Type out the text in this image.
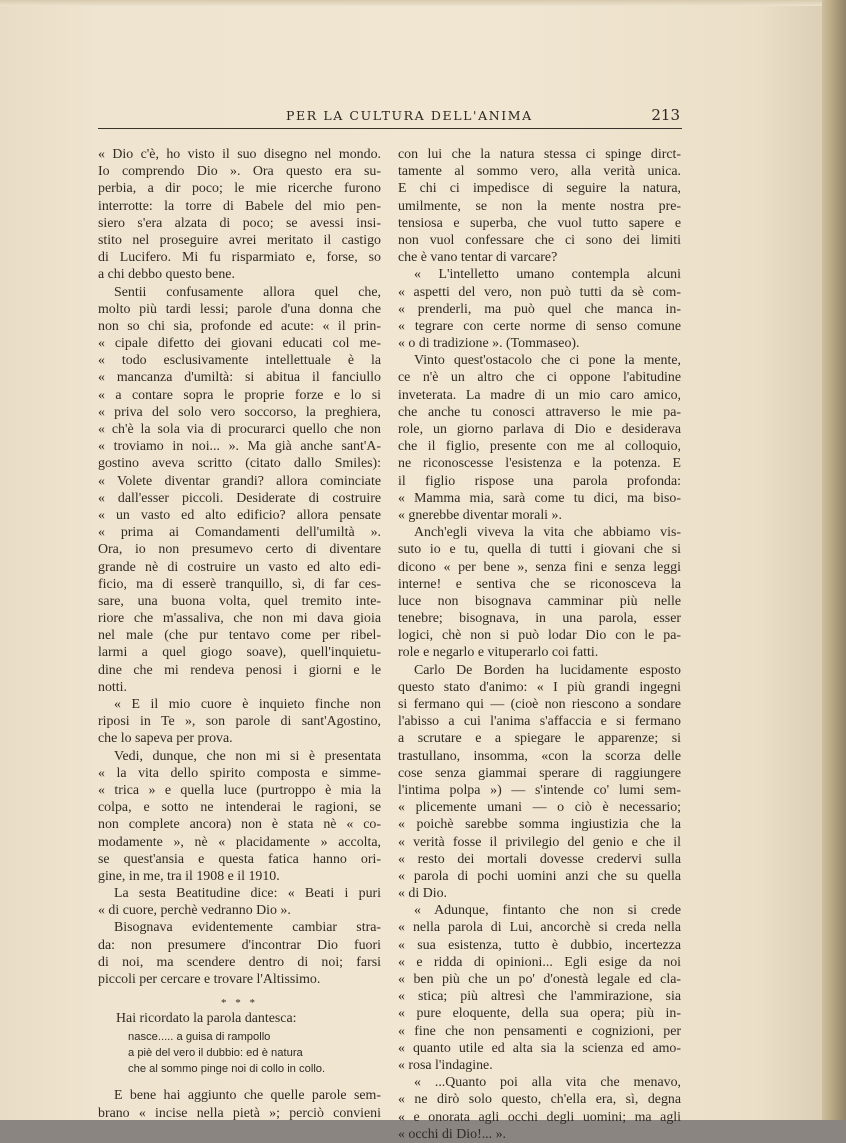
PER LA CULTURA DELL'ANIMA	213
« Dio c'è, ho visto il suo disegno nel mondo.
Io comprendo Dio ». Ora questo era su-
perbia, a dir poco; le mie ricerche furono
interrotte: la torre di Babele del mio pen-
siero s'era alzata di poco; se avessi insi-
stito nel proseguire avrei meritato il castigo
di Lucifero. Mi fu risparmiato e, forse, so
a chi debbo questo bene.
Sentii confusamente allora quel che,
molto più tardi lessi; parole d'una donna che
non so chi sia, profonde ed acute: « il prin-
« cipale difetto dei giovani educati col me-
« todo esclusivamente intellettuale è la
« mancanza d'umiltà: si abitua il fanciullo
« a contare sopra le proprie forze e lo si
« priva del solo vero soccorso, la preghiera,
« ch'è la sola via di procurarci quello che non
« troviamo in noi... ». Ma già anche sant'A-
gostino aveva scritto (citato dallo Smiles):
« Volete diventar grandi? allora cominciate
« dall'esser piccoli. Desiderate di costruire
« un vasto ed alto edificio? allora pensate
« prima ai Comandamenti dell'umiltà ».
Ora, io non presumevo certo di diventare
grande nè di costruire un vasto ed alto edi-
ficio, ma di esserè tranquillo, sì, di far ces-
sare, una buona volta, quel tremito inte-
riore che m'assaliva, che non mi dava gioia
nel male (che pur tentavo come per ribel-
larmi a quel giogo soave), quell'inquietu-
dine che mi rendeva penosi i giorni e le
notti.
« E il mio cuore è inquieto finche non
riposi in Te », son parole di sant'Agostino,
che lo sapeva per prova.
Vedi, dunque, che non mi si è presentata
« la vita dello spirito composta e simme-
« trica » e quella luce (purtroppo è mia la
colpa, e sotto ne intenderai le ragioni, se
non complete ancora) non è stata nè « co-
modamente », nè « placidamente » accolta,
se quest'ansia e questa fatica hanno ori-
gine, in me, tra il 1908 e il 1910.
La sesta Beatitudine dice: « Beati i puri
« di cuore, perchè vedranno Dio ».
Bisognava evidentemente cambiar stra-
da: non presumere d'incontrar Dio fuori
di noi, ma scendere dentro di noi; farsi
piccoli per cercare e trovare l'Altissimo.
* * *
Hai ricordato la parola dantesca:
nasce..... a guisa di rampollo
a piè del vero il dubbio: ed è natura
che al sommo pinge noi di collo in collo.
E bene hai aggiunto che quelle parole sem-
brano « incise nella pietà »; perciò convieni
con lui che la natura stessa ci spinge dirct-
tamente al sommo vero, alla verità unica.
E chi ci impedisce di seguire la natura,
umilmente, se non la mente nostra pre-
tensiosa e superba, che vuol tutto sapere e
non vuol confessare che ci sono dei limiti
che è vano tentar di varcare?
« L'intelletto umano contempla alcuni
« aspetti del vero, non può tutti da sè com-
« prenderli, ma può quel che manca in-
« tegrare con certe norme di senso comune
« o di tradizione ». (Tommaseo).
Vinto quest'ostacolo che ci pone la mente,
ce n'è un altro che ci oppone l'abitudine
inveterata. La madre di un mio caro amico,
che anche tu conosci attraverso le mie pa-
role, un giorno parlava di Dio e desiderava
che il figlio, presente con me al colloquio,
ne riconoscesse l'esistenza e la potenza. E
il figlio rispose una parola profonda:
« Mamma mia, sarà come tu dici, ma biso-
« gnerebbe diventar morali ».
Anch'egli viveva la vita che abbiamo vis-
suto io e tu, quella di tutti i giovani che si
dicono « per bene », senza fini e senza leggi
interne! e sentiva che se riconosceva la
luce non bisognava camminar più nelle
tenebre; bisognava, in una parola, esser
logici, chè non si può lodar Dio con le pa-
role e negarlo e vituperarlo coi fatti.
Carlo De Borden ha lucidamente esposto
questo stato d'animo: « I più grandi ingegni
si fermano qui — (cioè non riescono a sondare
l'abisso a cui l'anima s'affaccia e si fermano
a scrutare e a spiegare le apparenze; si
trastullano, insomma, «con la scorza delle
cose senza giammai sperare di raggiungere
l'intima polpa ») — s'intende co' lumi sem-
« plicemente umani — o ciò è necessario;
« poichè sarebbe somma ingiustizia che la
« verità fosse il privilegio del genio e che il
« resto dei mortali dovesse credervi sulla
« parola di pochi uomini anzi che su quella
« di Dio.
« Adunque, fintanto che non si crede
« nella parola di Lui, ancorchè si creda nella
« sua esistenza, tutto è dubbio, incertezza
« e ridda di opinioni... Egli esige da noi
« ben più che un po' d'onestà legale ed cla-
« stica; più altresì che l'ammirazione, sia
« pure eloquente, della sua opera; più in-
« fine che non pensamenti e cognizioni, per
« quanto utile ed alta sia la scienza ed amo-
« rosa l'indagine.
« ...Quanto poi alla vita che menavo,
« ne dirò solo questo, ch'ella era, sì, degna
« e onorata agli occhi degli uomini; ma agli
« occhi di Dio!... ».
